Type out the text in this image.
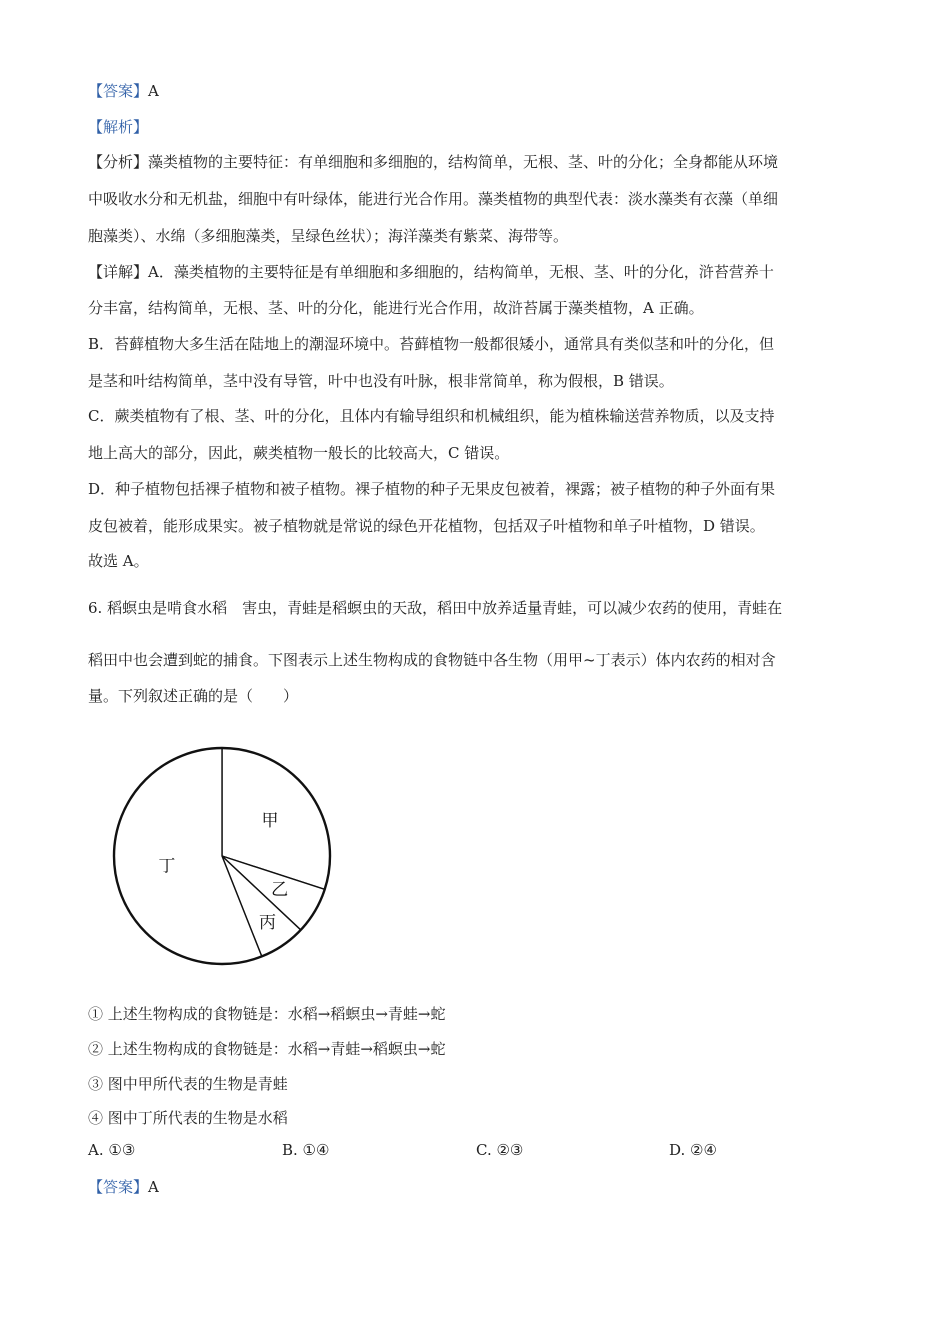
【答案】A
【解析】
【分析】藻类植物的主要特征：有单细胞和多细胞的，结构简单，无根、茎、叶的分化；全身都能从环境
中吸收水分和无机盐，细胞中有叶绿体，能进行光合作用。藻类植物的典型代表：淡水藻类有衣藻（单细
胞藻类）、水绵（多细胞藻类，呈绿色丝状）；海洋藻类有紫菜、海带等。
【详解】A．藻类植物的主要特征是有单细胞和多细胞的，结构简单，无根、茎、叶的分化，浒苔营养十
分丰富，结构简单，无根、茎、叶的分化，能进行光合作用，故浒苔属于藻类植物，A 正确。
B．苔藓植物大多生活在陆地上的潮湿环境中。苔藓植物一般都很矮小，通常具有类似茎和叶的分化，但
是茎和叶结构简单，茎中没有导管，叶中也没有叶脉，根非常简单，称为假根，B 错误。
C．蕨类植物有了根、茎、叶的分化，且体内有输导组织和机械组织，能为植株输送营养物质，以及支持
地上高大的部分，因此，蕨类植物一般长的比较高大，C 错误。
D．种子植物包括裸子植物和被子植物。裸子植物的种子无果皮包被着，裸露；被子植物的种子外面有果
皮包被着，能形成果实。被子植物就是常说的绿色开花植物，包括双子叶植物和单子叶植物，D 错误。
故选 A。
6. 稻螟虫是啃食水稻　害虫，青蛙是稻螟虫的天敌，稻田中放养适量青蛙，可以减少农药的使用，青蛙在
稻田中也会遭到蛇的捕食。下图表示上述生物构成的食物链中各生物（用甲~丁表示）体内农药的相对含
量。下列叙述正确的是（　　）
甲
乙
丙
丁
① 上述生物构成的食物链是：水稻→稻螟虫→青蛙→蛇
② 上述生物构成的食物链是：水稻→青蛙→稻螟虫→蛇
③ 图中甲所代表的生物是青蛙
④ 图中丁所代表的生物是水稻
A. ①③	B. ①④	C. ②③	D. ②④
【答案】A
